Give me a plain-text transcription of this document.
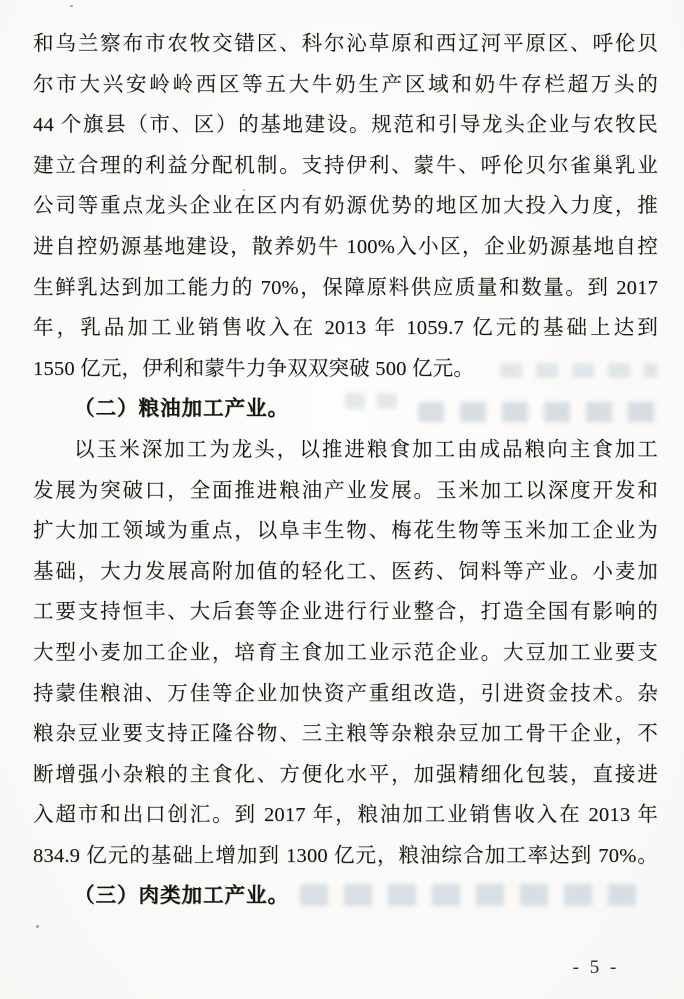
和乌兰察布市农牧交错区、科尔沁草原和西辽河平原区、呼伦贝
尔市大兴安岭岭西区等五大牛奶生产区域和奶牛存栏超万头的
44 个旗县（市、区）的基地建设。规范和引导龙头企业与农牧民
建立合理的利益分配机制。支持伊利、蒙牛、呼伦贝尔雀巢乳业
公司等重点龙头企业在区内有奶源优势的地区加大投入力度，推
进自控奶源基地建设，散养奶牛 100%入小区，企业奶源基地自控
生鲜乳达到加工能力的 70%，保障原料供应质量和数量。到 2017
年，乳品加工业销售收入在 2013 年 1059.7 亿元的基础上达到
1550 亿元，伊利和蒙牛力争双双突破 500 亿元。
（二）粮油加工产业。
以玉米深加工为龙头，以推进粮食加工由成品粮向主食加工
发展为突破口，全面推进粮油产业发展。玉米加工以深度开发和
扩大加工领域为重点，以阜丰生物、梅花生物等玉米加工企业为
基础，大力发展高附加值的轻化工、医药、饲料等产业。小麦加
工要支持恒丰、大后套等企业进行行业整合，打造全国有影响的
大型小麦加工企业，培育主食加工业示范企业。大豆加工业要支
持蒙佳粮油、万佳等企业加快资产重组改造，引进资金技术。杂
粮杂豆业要支持正隆谷物、三主粮等杂粮杂豆加工骨干企业，不
断增强小杂粮的主食化、方便化水平，加强精细化包装，直接进
入超市和出口创汇。到 2017 年，粮油加工业销售收入在 2013 年
834.9 亿元的基础上增加到 1300 亿元，粮油综合加工率达到 70%。
（三）肉类加工产业。
- 5 -
